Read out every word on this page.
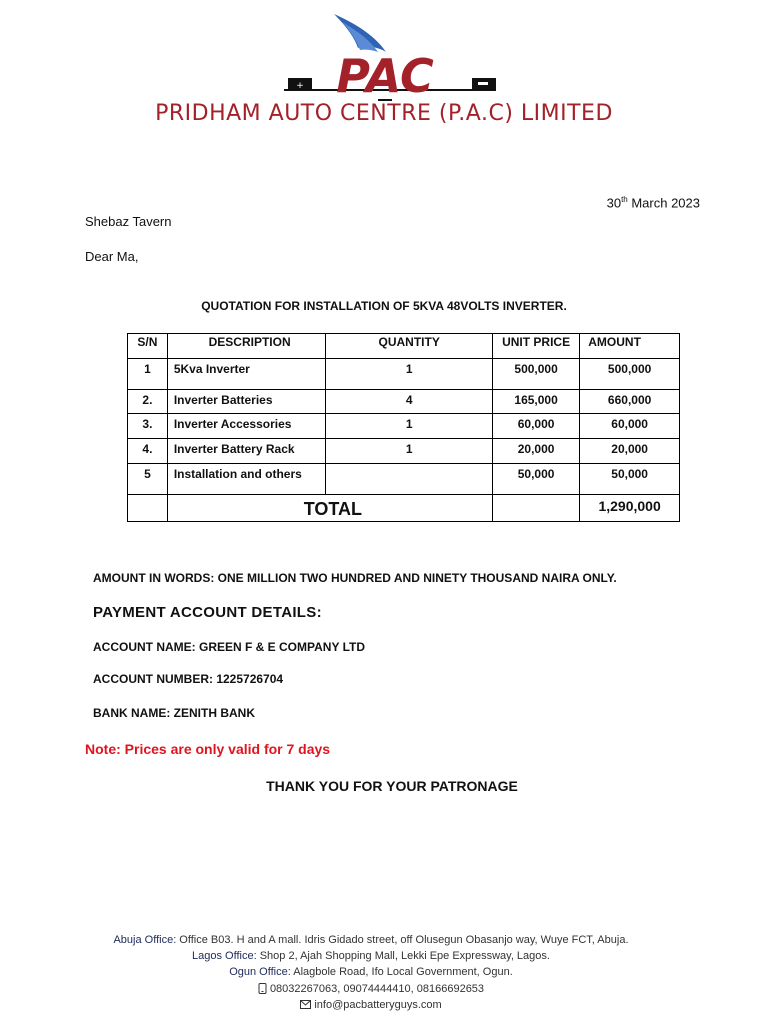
+ PAC
PRIDHAM AUTO CENTRE (P.A.C) LIMITED
30th March 2023
Shebaz Tavern
Dear Ma,
QUOTATION FOR INSTALLATION OF 5KVA 48VOLTS INVERTER.
S/N	DESCRIPTION	QUANTITY	UNIT PRICE	AMOUNT
1	5Kva Inverter	1	500,000	500,000
2.	Inverter Batteries	4	165,000	660,000
3.	Inverter Accessories	1	60,000	60,000
4.	Inverter Battery Rack	1	20,000	20,000
5	Installation and others		50,000	50,000
	TOTAL			1,290,000
AMOUNT IN WORDS: ONE MILLION TWO HUNDRED AND NINETY THOUSAND NAIRA ONLY.
PAYMENT ACCOUNT DETAILS:
ACCOUNT NAME: GREEN F & E COMPANY LTD
ACCOUNT NUMBER: 1225726704
BANK NAME: ZENITH BANK
Note: Prices are only valid for 7 days
THANK YOU FOR YOUR PATRONAGE
Abuja Office: Office B03. H and A mall. Idris Gidado street, off Olusegun Obasanjo way, Wuye FCT, Abuja.
Lagos Office: Shop 2, Ajah Shopping Mall, Lekki Epe Expressway, Lagos.
Ogun Office: Alagbole Road, Ifo Local Government, Ogun.
08032267063, 09074444410, 08166692653
info@pacbatteryguys.com
